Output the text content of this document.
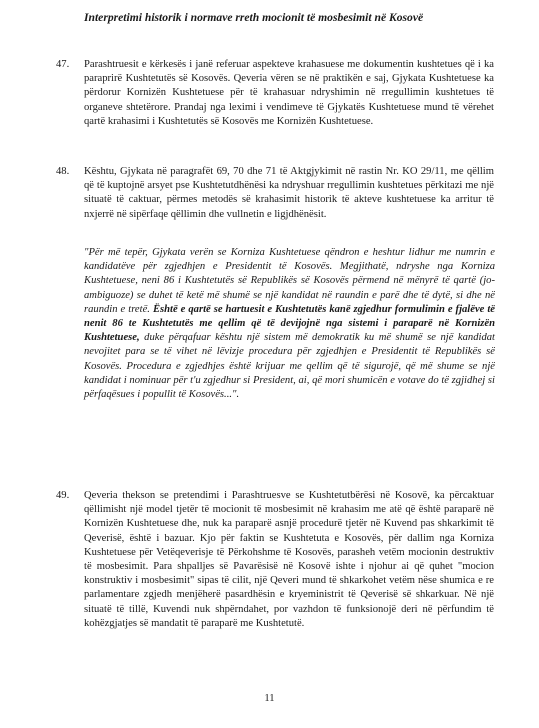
Interpretimi historik i normave rreth mocionit të mosbesimit në Kosovë

47.	Parashtruesit e kërkesës i janë referuar aspekteve krahasuese me dokumentin kushtetues që i ka paraprirë Kushtetutës së Kosovës. Qeveria vëren se në praktikën e saj, Gjykata Kushtetuese ka përdorur Kornizën Kushtetuese për të krahasuar ndryshimin në rregullimin kushtetues të organeve shtetërore. Prandaj nga leximi i vendimeve të Gjykatës Kushtetuese mund të vërehet qartë krahasimi i Kushtetutës së Kosovës me Kornizën Kushtetuese.
48.	Kështu, Gjykata në paragrafët 69, 70 dhe 71 të Aktgjykimit në rastin Nr. KO 29/11, me qëllim që të kuptojnë arsyet pse Kushtetutdhënësi ka ndryshuar rregullimin kushtetues përkitazi me një situatë të caktuar, përmes metodës së krahasimit historik të akteve kushtetuese ka arritur të nxjerrë në sipërfaqe qëllimin dhe vullnetin e ligjdhënësit.
"Për më tepër, Gjykata verën se Korniza Kushtetuese qëndron e heshtur lidhur me numrin e kandidatëve për zgjedhjen e Presidentit të Kosovës. Megjithatë, ndryshe nga Korniza Kushtetuese, neni 86 i Kushtetutës së Republikës së Kosovës përmend në mënyrë të qartë (jo-ambiguoze) se duhet të ketë më shumë se një kandidat në raundin e parë dhe të dytë, si dhe në raundin e tretë. Është e qartë se hartuesit e Kushtetutës kanë zgjedhur formulimin e fjalëve të nenit 86 te Kushtetutës me qellim që të devijojnë nga sistemi i paraparë në Kornizën Kushtetuese, duke përqafuar kështu një sistem më demokratik ku më shumë se një kandidat nevojitet para se të vihet në lëvizje procedura për zgjedhjen e Presidentit të Republikës së Kosovës. Procedura e zgjedhjes është krijuar me qellim që të sigurojë, që më shume se një kandidat i nominuar për t'u zgjedhur si President, ai, që mori shumicën e votave do të zgjidhej si përfaqësues i popullit të Kosovës...".
49.	Qeveria thekson se pretendimi i Parashtruesve se Kushtetutbërësi në Kosovë, ka përcaktuar qëllimisht një model tjetër të mocionit të mosbesimit në krahasim me atë që është paraparë në Kornizën Kushtetuese dhe, nuk ka paraparë asnjë procedurë tjetër në Kuvend pas shkarkimit të Qeverisë, është i bazuar. Kjo për faktin se Kushtetuta e Kosovës, për dallim nga Korniza Kushtetuese për Vetëqeverisje të Përkohshme të Kosovës, parasheh vetëm mocionin destruktiv të mosbesimit. Para shpalljes së Pavarësisë në Kosovë ishte i njohur ai që quhet "mocion konstruktiv i mosbesimit" sipas të cilit, një Qeveri mund të shkarkohet vetëm nëse shumica e re parlamentare zgjedh menjëherë pasardhësin e kryeministrit të Qeverisë së shkarkuar. Në një situatë të tillë, Kuvendi nuk shpërndahet, por vazhdon të funksionojë deri në përfundim të kohëzgjatjes së mandatit të paraparë me Kushtetutë.
11
